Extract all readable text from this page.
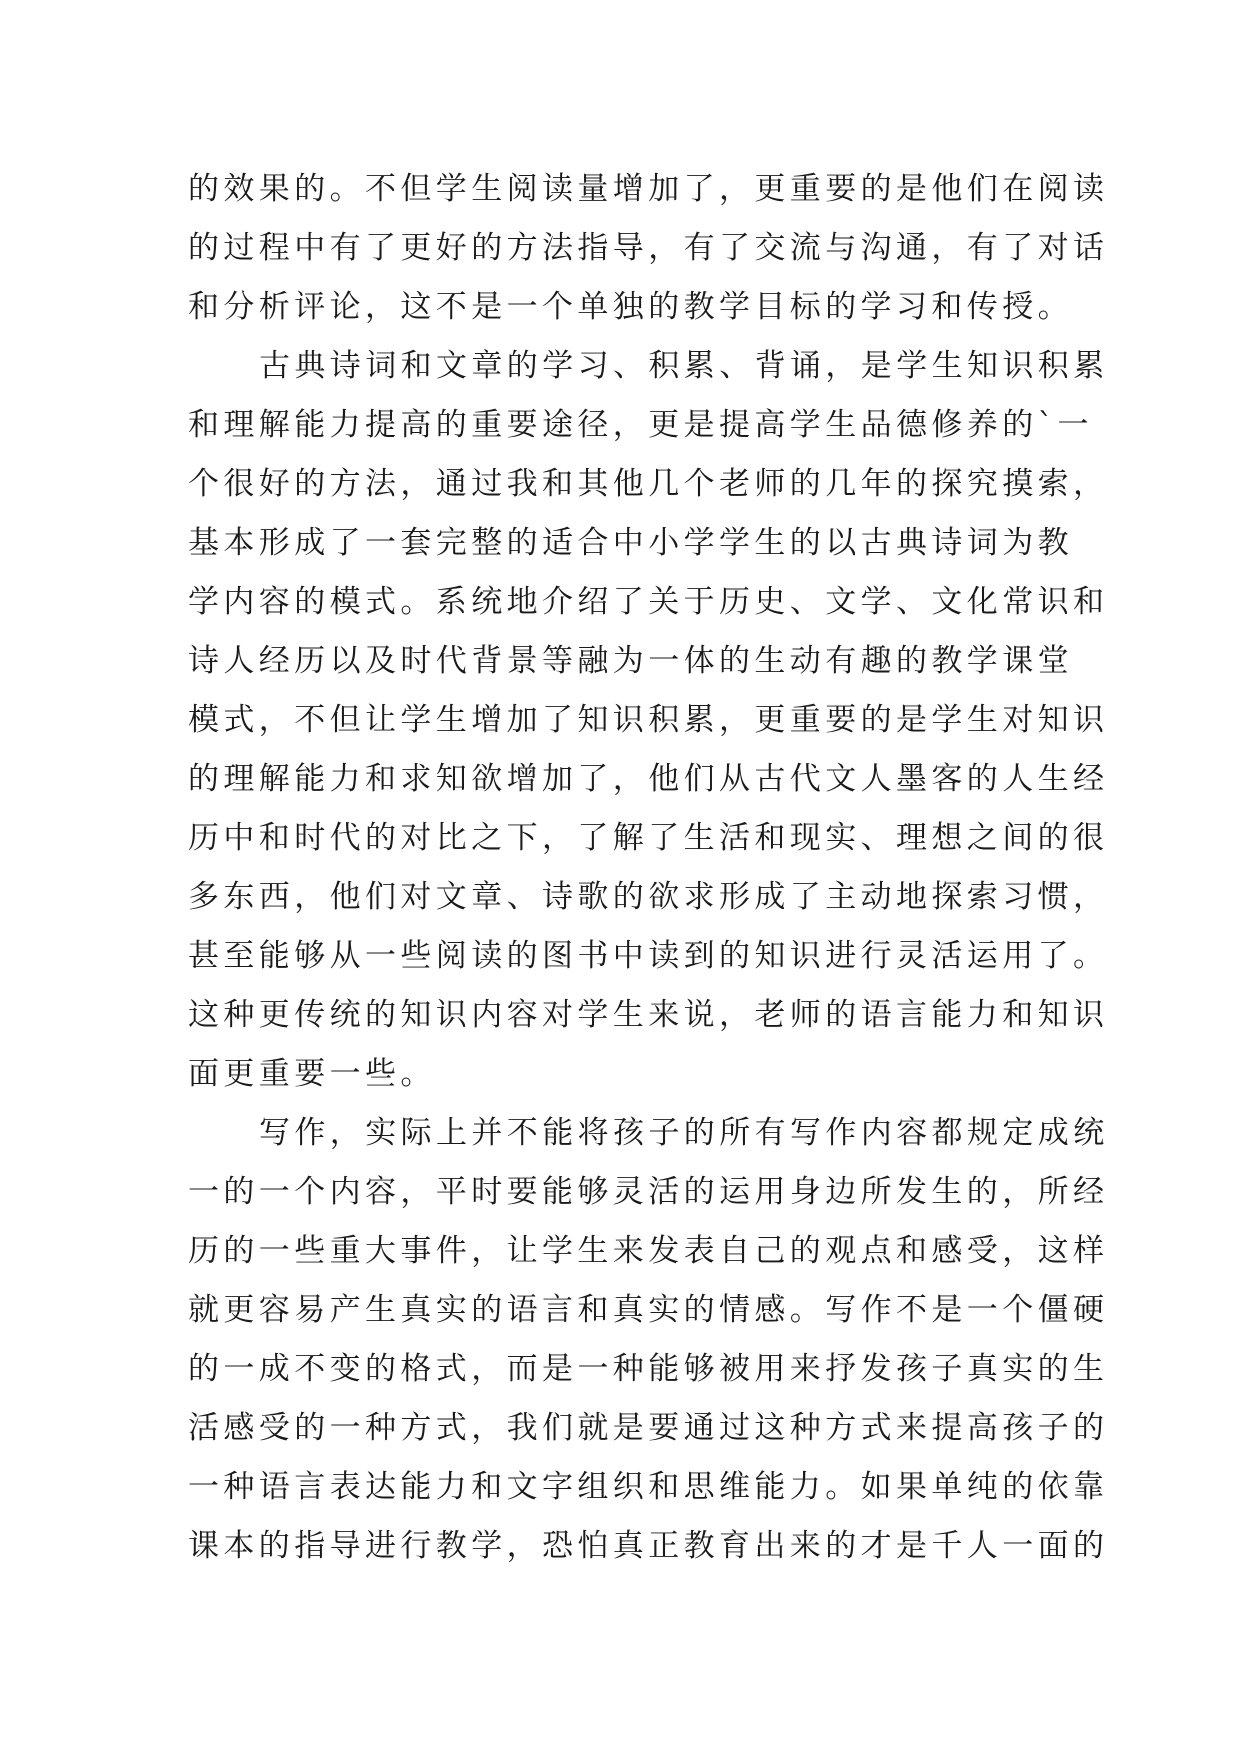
的效果的。不但学生阅读量增加了，更重要的是他们在阅读
的过程中有了更好的方法指导，有了交流与沟通，有了对话
和分析评论，这不是一个单独的教学目标的学习和传授。
古典诗词和文章的学习、积累、背诵，是学生知识积累
和理解能力提高的重要途径，更是提高学生品德修养的`一
个很好的方法，通过我和其他几个老师的几年的探究摸索，
基本形成了一套完整的适合中小学学生的以古典诗词为教
学内容的模式。系统地介绍了关于历史、文学、文化常识和
诗人经历以及时代背景等融为一体的生动有趣的教学课堂
模式，不但让学生增加了知识积累，更重要的是学生对知识
的理解能力和求知欲增加了，他们从古代文人墨客的人生经
历中和时代的对比之下，了解了生活和现实、理想之间的很
多东西，他们对文章、诗歌的欲求形成了主动地探索习惯，
甚至能够从一些阅读的图书中读到的知识进行灵活运用了。
这种更传统的知识内容对学生来说，老师的语言能力和知识
面更重要一些。
写作，实际上并不能将孩子的所有写作内容都规定成统
一的一个内容，平时要能够灵活的运用身边所发生的，所经
历的一些重大事件，让学生来发表自己的观点和感受，这样
就更容易产生真实的语言和真实的情感。写作不是一个僵硬
的一成不变的格式，而是一种能够被用来抒发孩子真实的生
活感受的一种方式，我们就是要通过这种方式来提高孩子的
一种语言表达能力和文字组织和思维能力。如果单纯的依靠
课本的指导进行教学，恐怕真正教育出来的才是千人一面的
